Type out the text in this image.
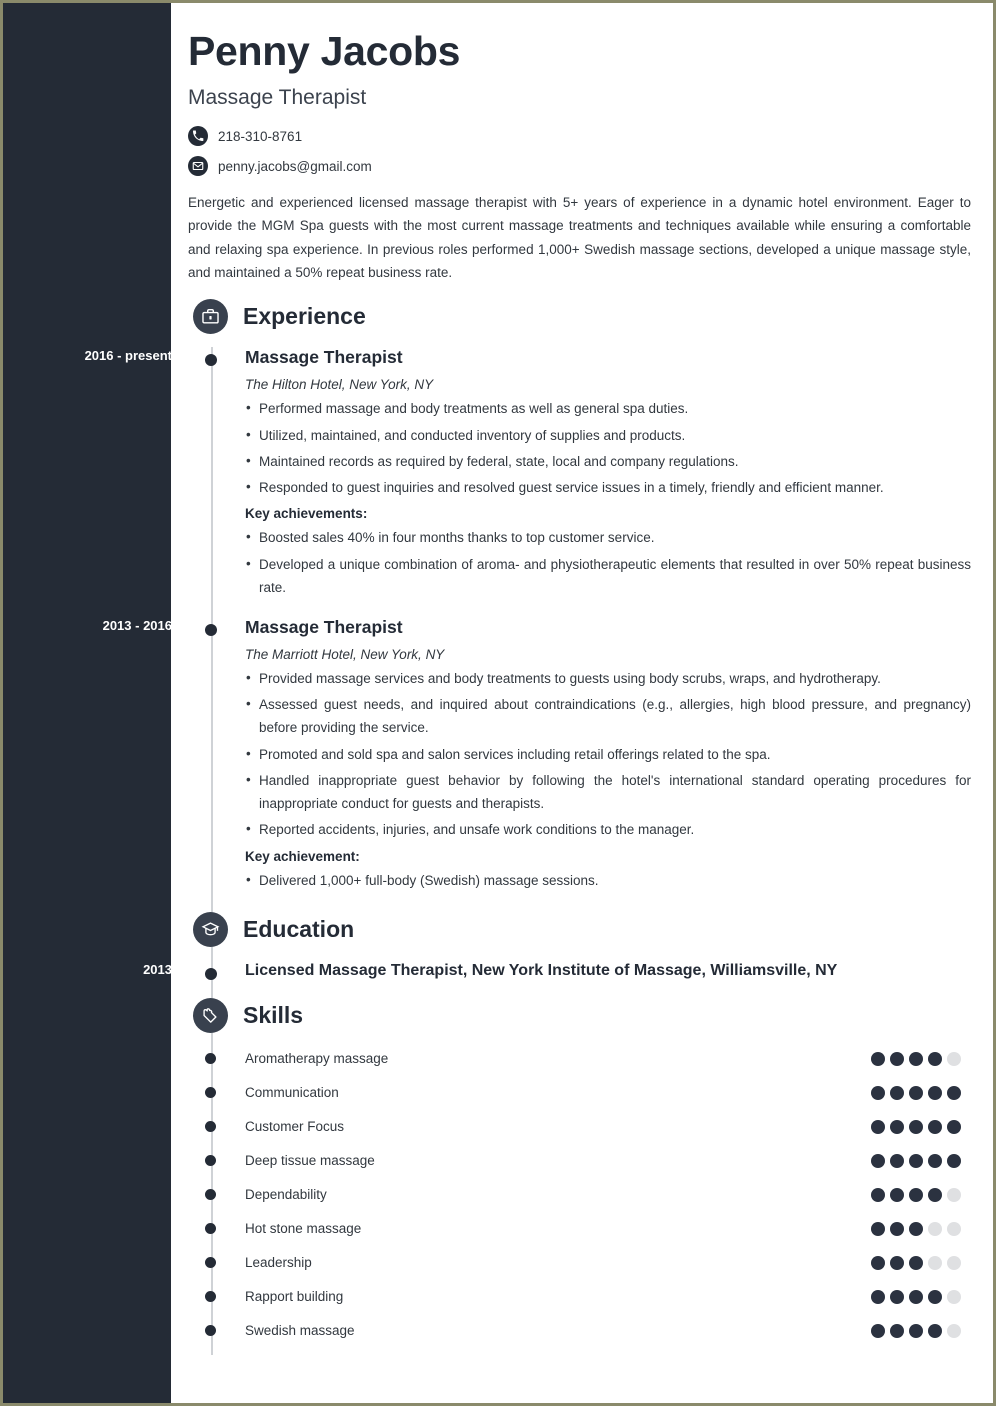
Penny Jacobs
Massage Therapist
218-310-8761
penny.jacobs@gmail.com

Energetic and experienced licensed massage therapist with 5+ years of experience in a dynamic hotel environment. Eager to provide the MGM Spa guests with the most current massage treatments and techniques available while ensuring a comfortable and relaxing spa experience. In previous roles performed 1,000+ Swedish massage sections, developed a unique massage style, and maintained a 50% repeat business rate.

Experience
2016 - present	Massage Therapist
The Hilton Hotel, New York, NY
• Performed massage and body treatments as well as general spa duties.
• Utilized, maintained, and conducted inventory of supplies and products.
• Maintained records as required by federal, state, local and company regulations.
• Responded to guest inquiries and resolved guest service issues in a timely, friendly and efficient manner.
Key achievements:
• Boosted sales 40% in four months thanks to top customer service.
• Developed a unique combination of aroma- and physiotherapeutic elements that resulted in over 50% repeat business rate.
2013 - 2016	Massage Therapist
The Marriott Hotel, New York, NY
• Provided massage services and body treatments to guests using body scrubs, wraps, and hydrotherapy.
• Assessed guest needs, and inquired about contraindications (e.g., allergies, high blood pressure, and pregnancy) before providing the service.
• Promoted and sold spa and salon services including retail offerings related to the spa.
• Handled inappropriate guest behavior by following the hotel's international standard operating procedures for inappropriate conduct for guests and therapists.
• Reported accidents, injuries, and unsafe work conditions to the manager.
Key achievement:
• Delivered 1,000+ full-body (Swedish) massage sessions.
Education
2013	Licensed Massage Therapist, New York Institute of Massage, Williamsville, NY
Skills
Aromatherapy massage
Communication
Customer Focus
Deep tissue massage
Dependability
Hot stone massage
Leadership
Rapport building
Swedish massage
